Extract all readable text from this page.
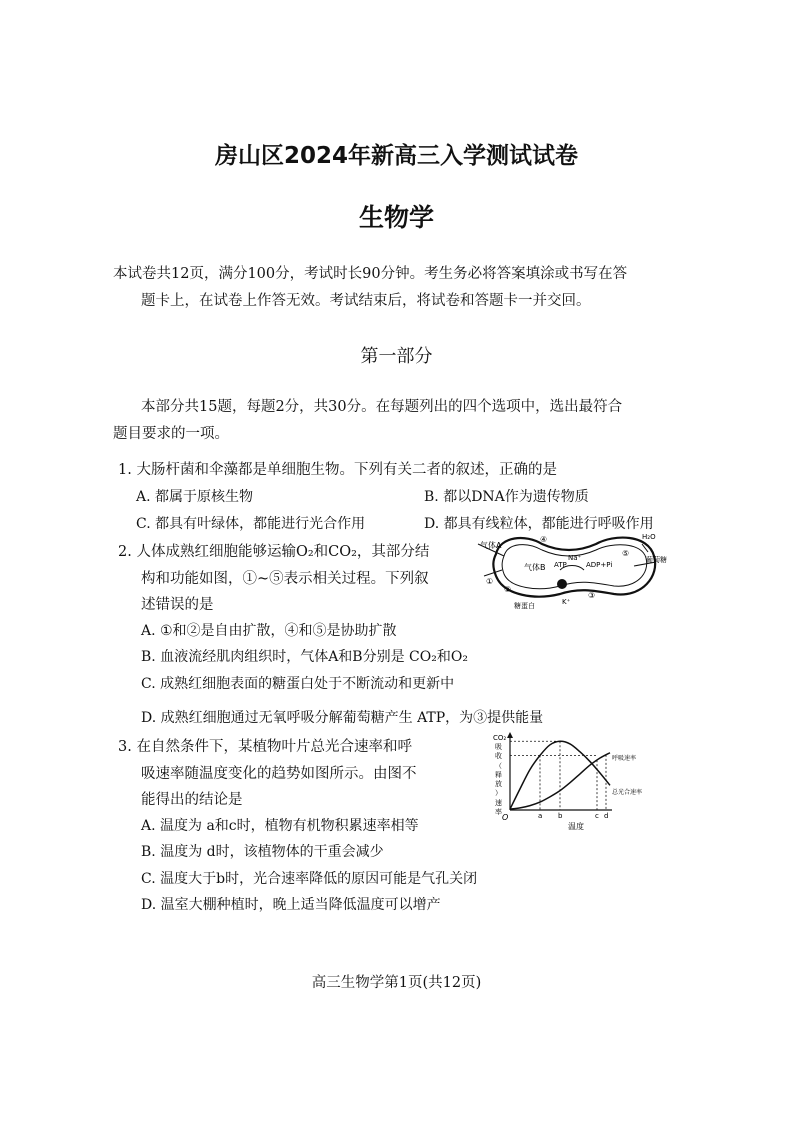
房山区2024年新高三入学测试试卷
生物学
本试卷共12页，满分100分，考试时长90分钟。考生务必将答案填涂或书写在答
题卡上，在试卷上作答无效。考试结束后，将试卷和答题卡一并交回。
第一部分
本部分共15题，每题2分，共30分。在每题列出的四个选项中，选出最符合
题目要求的一项。
1. 大肠杆菌和伞藻都是单细胞生物。下列有关二者的叙述，正确的是
A. 都属于原核生物	B. 都以DNA作为遗传物质
C. 都具有叶绿体，都能进行光合作用	D. 都具有线粒体，都能进行呼吸作用
2. 人体成熟红细胞能够运输O₂和CO₂，其部分结
构和功能如图，①~⑤表示相关过程。下列叙
述错误的是
A. ①和②是自由扩散，④和⑤是协助扩散
B. 血液流经肌肉组织时，气体A和B分别是 CO₂和O₂
C. 成熟红细胞表面的糖蛋白处于不断流动和更新中
D. 成熟红细胞通过无氧呼吸分解葡萄糖产生 ATP，为③提供能量
气体A
气体B ATP	ADP+Pi
Na⁺
K⁺
H₂O
葡萄糖
糖蛋白
①
②
③
④
⑤
3. 在自然条件下，某植物叶片总光合速率和呼
吸速率随温度变化的趋势如图所示。由图不
能得出的结论是
A. 温度为 a和c时，植物有机物积累速率相等
B. 温度为 d时，该植物体的干重会减少
C. 温度大于b时，光合速率降低的原因可能是气孔关闭
D. 温室大棚种植时，晚上适当降低温度可以增产
CO₂
吸
收
（
释
放
）
速
率
O
温度
a b	c d
呼吸速率
总光合速率
高三生物学第1页(共12页)
